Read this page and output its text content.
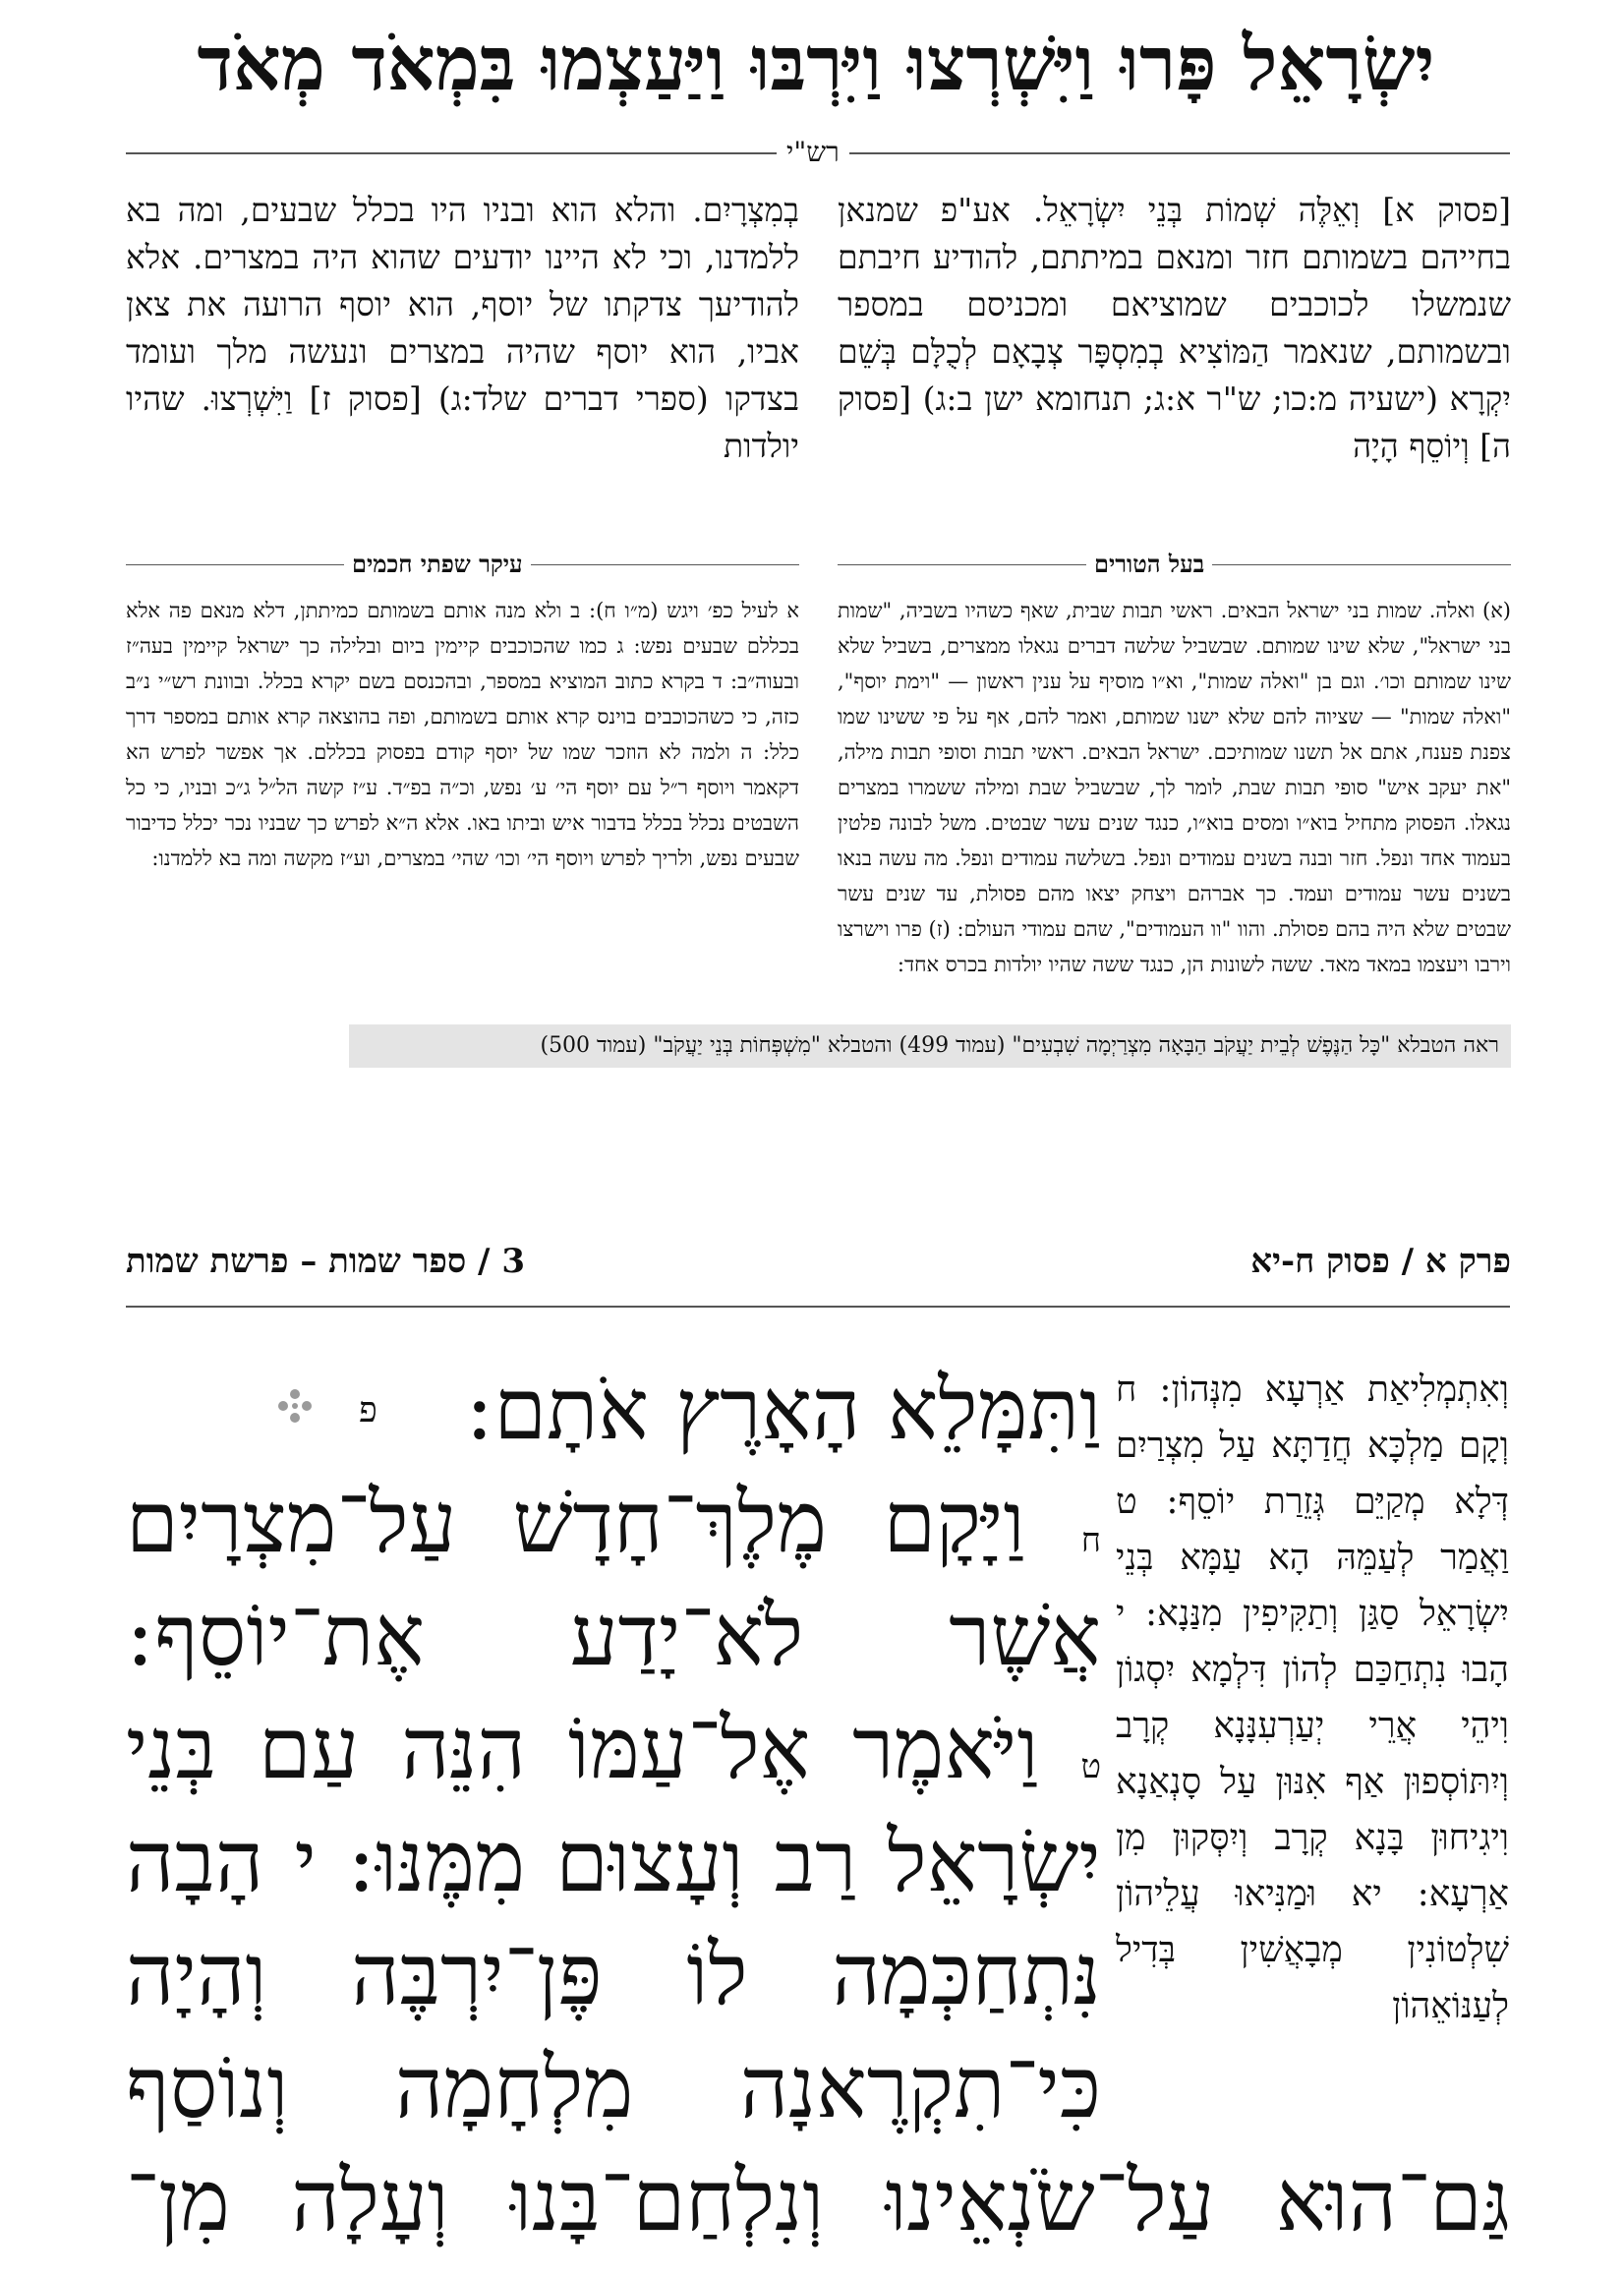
יִשְׂרָאֵל פָּרוּ וַיִּשְׁרְצוּ וַיִּרְבּוּ וַיַּעַצְמוּ בִּמְאֹד מְאֹד
רש"י
[פסוק א] וְאֵלֶּה שְׁמוֹת בְּנֵי יִשְׂרָאֵל. אע"פ שמנאן בחייהם בשמותם חזר ומנאם במיתתם, להודיע חיבתם שנמשלו לכוכבים שמוציאם ומכניסם במספר ובשמותם, שנאמר הַמּוֹצִיא בְמִסְפָּר צְבָאָם לְכֻלָּם בְּשֵׁם יִקְרָא (ישעיה מ:כו; ש"ר א:ג; תנחומא ישן ב:ג) [פסוק ה] וְיוֹסֵף הָיָה
בְמִצְרָיִם. והלא הוא ובניו היו בכלל שבעים, ומה בא ללמדנו, וכי לא היינו יודעים שהוא היה במצרים. אלא להודיעך צדקתו של יוסף, הוא יוסף הרועה את צאן אביו, הוא יוסף שהיה במצרים ונעשה מלך ועומד בצדקו (ספרי דברים שלד:ג) [פסוק ז] וַיִּשְׁרְצוּ. שהיו יולדות
בעל הטורים
עיקר שפתי חכמים
(א) ואלה. שמות בני ישראל הבאים. ראשי תבות שבית, שאף כשהיו בשביה, "שמות בני ישראל", שלא שינו שמותם. שבשביל שלשה דברים נגאלו ממצרים, בשביל שלא שינו שמותם וכו׳. וגם בן "ואלה שמות", וא״ו מוסיף על ענין ראשון — "וימת יוסף", "ואלה שמות" — שציוה להם שלא ישנו שמותם, ואמר להם, אף על פי ששינו שמו צפנת פענח, אתם אל תשנו שמותיכם. ישראל הבאים. ראשי תבות וסופי תבות מילה, "את יעקב איש" סופי תבות שבת, לומר לך, שבשביל שבת ומילה ששמרו במצרים נגאלו. הפסוק מתחיל בוא״ו ומסים בוא״ו, כנגד שנים עשר שבטים. משל לבונה פלטין בעמוד אחד ונפל. חזר ובנה בשנים עמודים ונפל. בשלשה עמודים ונפל. מה עשה בנאו בשנים עשר עמודים ועמד. כך אברהם ויצחק יצאו מהם פסולת, עד שנים עשר שבטים שלא היה בהם פסולת. והוו "וו העמודים", שהם עמודי העולם: (ז) פרו וישרצו וירבו ויעצמו במאד מאד. ששה לשונות הן, כנגד ששה שהיו יולדות בכרס אחד:
א לעיל כפ׳ ויגש (מ״ו ח): ב ולא מנה אותם בשמותם כמיתתן, דלא מנאם פה אלא בכללם שבעים נפש: ג כמו שהכוכבים קיימין ביום ובלילה כך ישראל קיימין בעה״ז ובעוה״ב: ד בקרא כתוב המוציא במספר, ובהכנסם בשם יקרא בכלל. ובוונת רש״י נ״ב כזה, כי כשהכוכבים בוינס קרא אותם בשמותם, ופה בהוצאה קרא אותם במספר דרך כלל: ה ולמה לא הוזכר שמו של יוסף קודם בפסוק בכללם. אך אפשר לפרש הא דקאמר ויוסף ר״ל עם יוסף הי׳ ע׳ נפש, וכ״ה בפ״ד. ע״ז קשה הל״ל ג״כ ובניו, כי כל השבטים נכלל בכלל בדבור איש וביתו באו. אלא ה״א לפרש כך שבניו נכר יכלל כדיבור שבעים נפש, ולריך לפרש ויוסף הי׳ וכו׳ שהי׳ במצרים, וע״ז מקשה ומה בא ללמדנו:
ראה הטבלא "כָּל הַנֶּפֶשׁ לְבֵית יַעֲקֹב הַבָּאָה מִצְרַיְמָה שִׁבְעִים" (עמוד 499) והטבלא "מִשְׁפְּחוֹת בְּנֵי יַעֲקֹב" (עמוד 500)
פרק א / פסוק ח-יא
3 / ספר שמות – פרשת שמות
וְאִתְמְלִיאַת אַרְעָא מִנְּהוֹן: ח וְקָם מַלְכָּא חֲדַתָּא עַל מִצְרַיִם דְּלָא מְקַיֵּם גְּזֵרַת יוֹסֵף: ט וַאֲמַר לְעַמֵּהּ הָא עַמָּא בְּנֵי יִשְׂרָאֵל סַגַּן וְתַקִּיפִין מִנַּנָא: י הָבוּ נִתְחַכַּם לְהוֹן דִּלְמָא יִסְגוֹן וִיהֵי אֲרֵי יְעַרְעִנָּנָא קְרָב וְיִתּוֹסְפוּן אַף אִנּוּן עַל סָנְאַנָא וִיגִיחוּן בָּנָא קְרָב וְיִסְּקוּן מִן אַרְעָא: יא וּמַנִּיאוּ עֲלֵיהוֹן שִׁלְטוֹנִין מְבָאֲשִׁין בְּדִיל לְעַנּוֹאֵהוֹן
פ	וַתִּמָּלֵא הָאָרֶץ אֹתָם:
ח וַיָּקָם מֶלֶךְ־חָדָשׁ עַל־מִצְרָיִם
אֲשֶׁר לֹא־יָדַע אֶת־יוֹסֵף:
ט וַיֹּאמֶר אֶל־עַמּוֹ הִנֵּה עַם בְּנֵי
יִשְׂרָאֵל רַב וְעָצוּם מִמֶּנּוּ: י הָבָה
נִּתְחַכְּמָה לוֹ פֶּן־יִרְבֶּה וְהָיָה
כִּי־תִקְרֶאנָה מִלְחָמָה וְנוֹסַף
גַּם־הוּא עַל־שֹׂנְאֵינוּ וְנִלְחַם־בָּנוּ וְעָלָה מִן־
